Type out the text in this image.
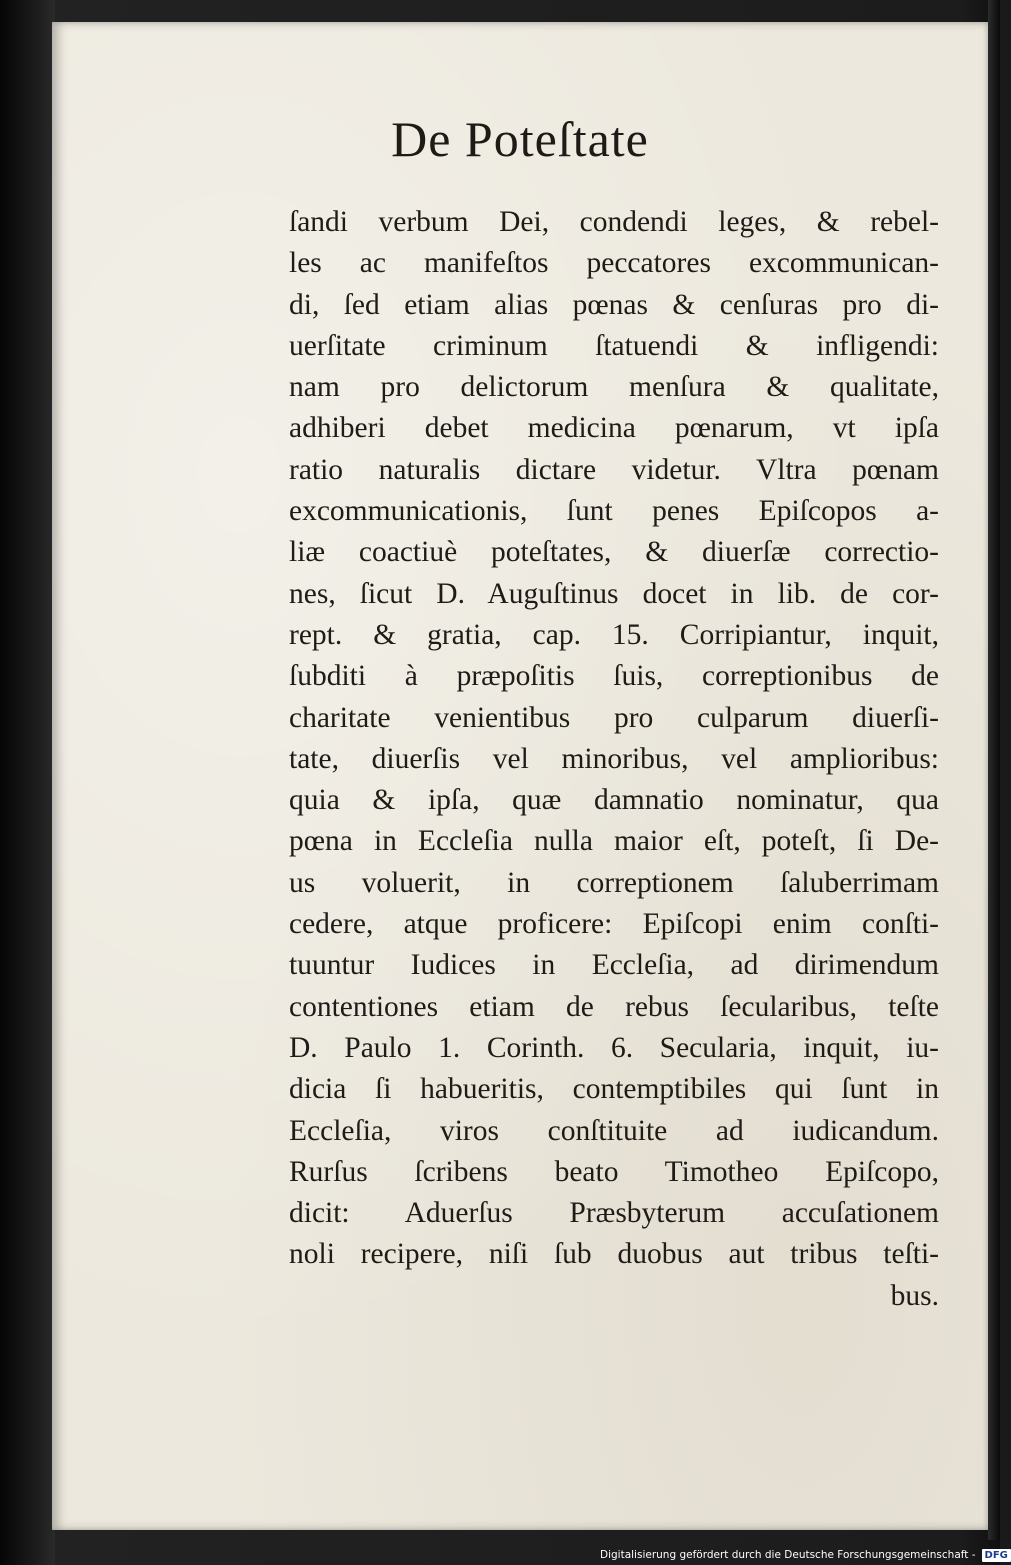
De Poteſtate
ſandi verbum Dei, condendi leges, & rebel-
les ac manifeſtos peccatores excommunican-
di, ſed etiam alias pœnas & cenſuras pro di-
uerſitate criminum ſtatuendi & infligendi:
nam pro delictorum menſura & qualitate,
adhiberi debet medicina pœnarum, vt ipſa
ratio naturalis dictare videtur. Vltra pœnam
excommunicationis, ſunt penes Epiſcopos a-
liæ coactiuè poteſtates, & diuerſæ correctio-
nes, ſicut D. Auguſtinus docet in lib. de cor-
rept. & gratia, cap. 15. Corripiantur, inquit,
ſubditi à præpoſitis ſuis, correptionibus de
charitate venientibus pro culparum diuerſi-
tate, diuerſis vel minoribus, vel amplioribus:
quia & ipſa, quæ damnatio nominatur, qua
pœna in Eccleſia nulla maior eſt, poteſt, ſi De-
us voluerit, in correptionem ſaluberrimam
cedere, atque proficere: Epiſcopi enim conſti-
tuuntur Iudices in Eccleſia, ad dirimendum
contentiones etiam de rebus ſecularibus, teſte
D. Paulo 1. Corinth. 6. Secularia, inquit, iu-
dicia ſi habueritis, contemptibiles qui ſunt in
Eccleſia, viros conſtituite ad iudicandum.
Rurſus ſcribens beato Timotheo Epiſcopo,
dicit: Aduerſus Præsbyterum accuſationem
noli recipere, niſi ſub duobus aut tribus teſti-
bus.
Digitalisierung gefördert durch die Deutsche Forschungsgemeinschaft - DFG
